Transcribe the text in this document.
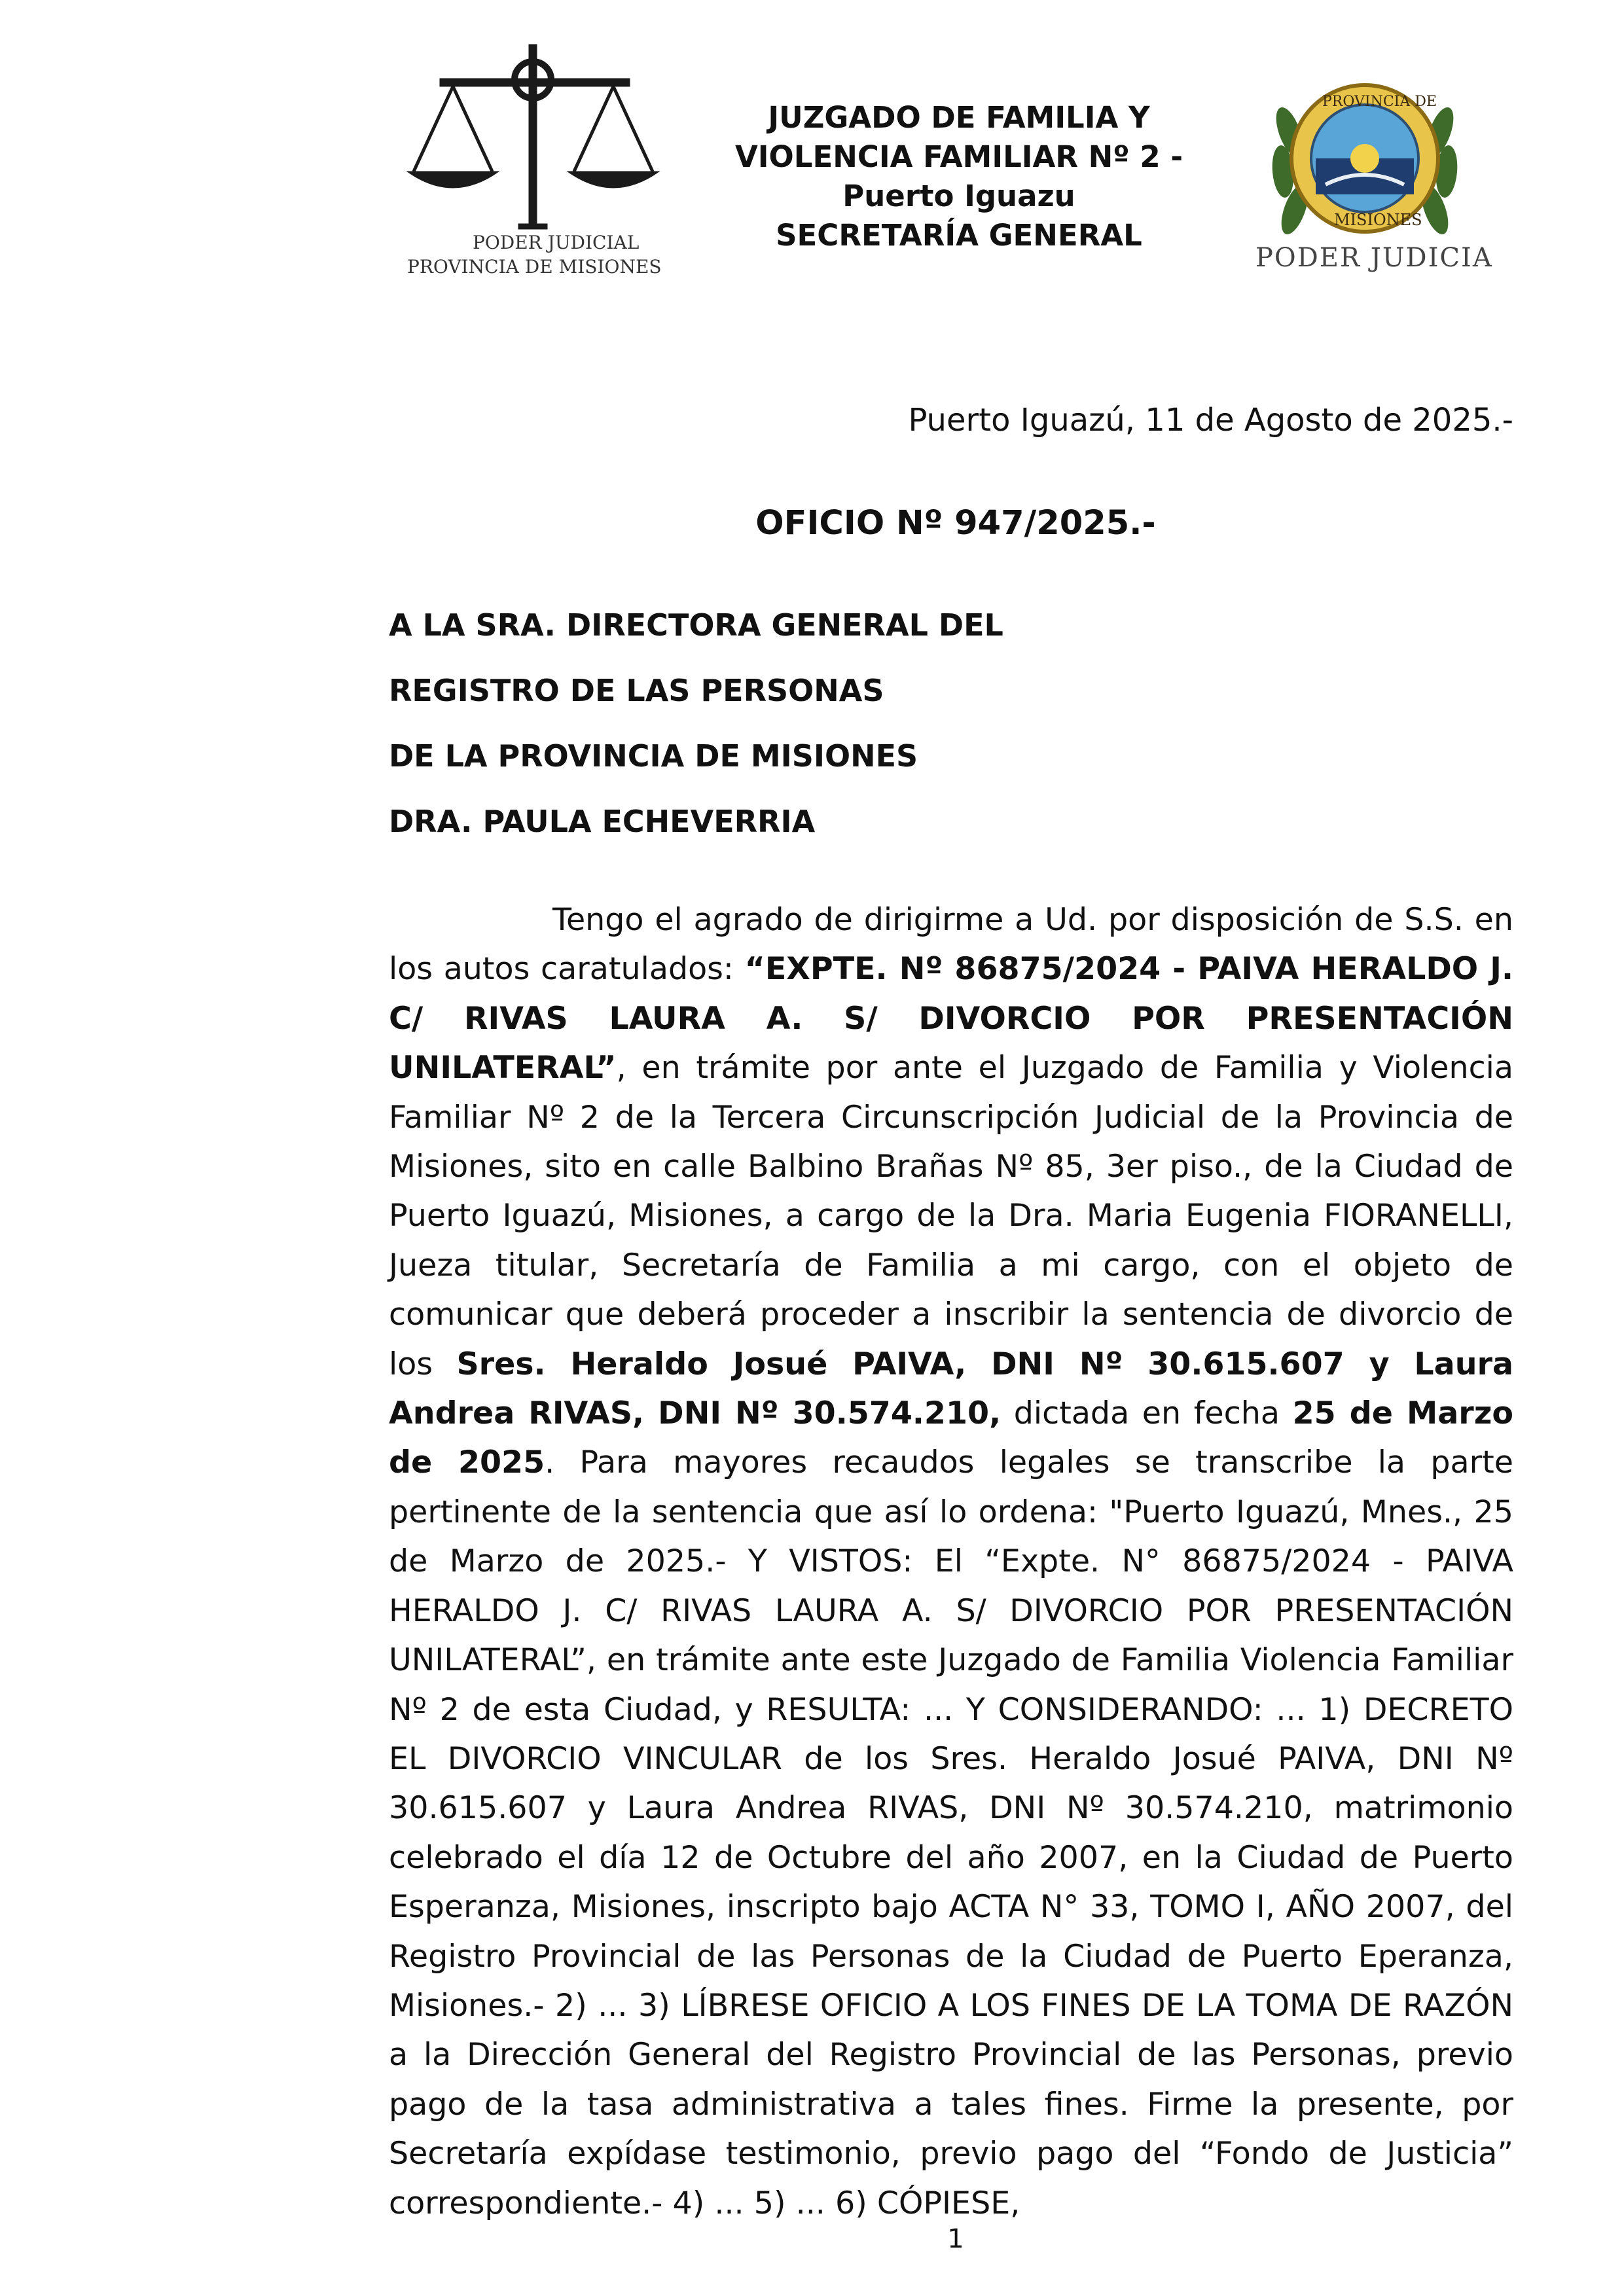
PODER JUDICIAL
PROVINCIA DE MISIONES
JUZGADO DE FAMILIA Y
VIOLENCIA FAMILIAR Nº 2 -
Puerto Iguazu
SECRETARÍA GENERAL
PROVINCIA DE
MISIONES
PODER JUDICIAL
Puerto Iguazú, 11 de Agosto de 2025.-
OFICIO Nº 947/2025.-
A LA SRA. DIRECTORA GENERAL DEL
REGISTRO DE LAS PERSONAS
DE LA PROVINCIA DE MISIONES
DRA. PAULA ECHEVERRIA

Tengo el agrado de dirigirme a Ud. por disposición de S.S. en los autos caratulados: “EXPTE. Nº 86875/2024 - PAIVA HERALDO J. C/ RIVAS LAURA A. S/ DIVORCIO POR PRESENTACIÓN UNILATERAL”, en trámite por ante el Juzgado de Familia y Violencia Familiar Nº 2 de la Tercera Circunscripción Judicial de la Provincia de Misiones, sito en calle Balbino Brañas Nº 85, 3er piso., de la Ciudad de Puerto Iguazú, Misiones, a cargo de la Dra. Maria Eugenia FIORANELLI, Jueza titular, Secretaría de Familia a mi cargo, con el objeto de comunicar que deberá proceder a inscribir la sentencia de divorcio de los Sres. Heraldo Josué PAIVA, DNI Nº 30.615.607 y Laura Andrea RIVAS, DNI Nº 30.574.210, dictada en fecha 25 de Marzo de 2025. Para mayores recaudos legales se transcribe la parte pertinente de la sentencia que así lo ordena: "Puerto Iguazú, Mnes., 25 de Marzo de 2025.- Y VISTOS: El “Expte. N° 86875/2024 - PAIVA HERALDO J. C/ RIVAS LAURA A. S/ DIVORCIO POR PRESENTACIÓN UNILATERAL”, en trámite ante este Juzgado de Familia Violencia Familiar Nº 2 de esta Ciudad, y RESULTA: ... Y CONSIDERANDO: ... 1) DECRETO EL DIVORCIO VINCULAR de los Sres. Heraldo Josué PAIVA, DNI Nº 30.615.607 y Laura Andrea RIVAS, DNI Nº 30.574.210, matrimonio celebrado el día 12 de Octubre del año 2007, en la Ciudad de Puerto Esperanza, Misiones, inscripto bajo ACTA N° 33, TOMO I, AÑO 2007, del Registro Provincial de las Personas de la Ciudad de Puerto Eperanza, Misiones.- 2) ... 3) LÍBRESE OFICIO A LOS FINES DE LA TOMA DE RAZÓN a la Dirección General del Registro Provincial de las Personas, previo pago de la tasa administrativa a tales fines. Firme la presente, por Secretaría expídase testimonio, previo pago del “Fondo de Justicia” correspondiente.- 4) ... 5) ... 6) CÓPIESE,

1
